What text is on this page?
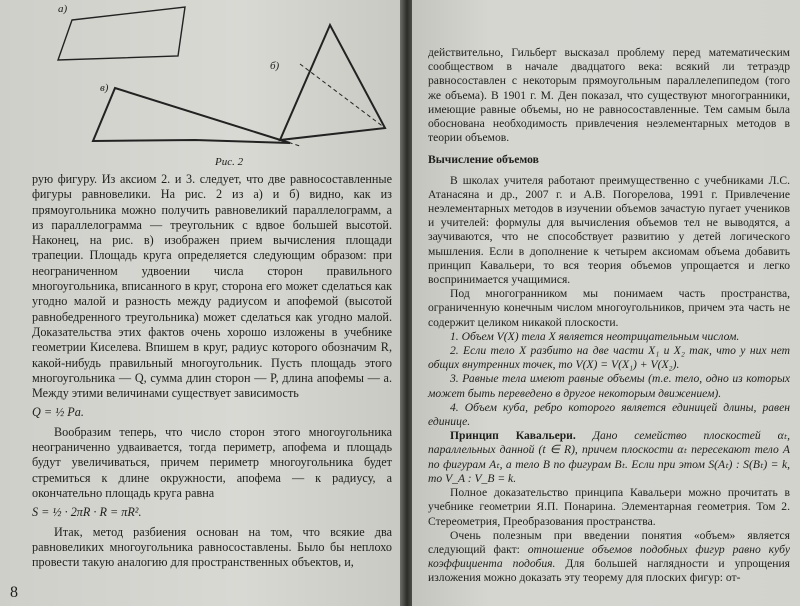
а)
б)
в)
Рис. 2

рую фигуру. Из аксиом 2. и 3. следует, что две равносоставленные фигуры равновелики. На рис. 2 из а) и б) видно, как из прямоугольника можно получить равновеликий параллелограмм, а из параллелограмма — треугольник с вдвое большей высотой. Наконец, на рис. в) изображен прием вычисления площади трапеции. Площадь круга определяется следующим образом: при неограниченном удвоении числа сторон правильного многоугольника, вписанного в круг, сторона его может сделаться как угодно малой и разность между радиусом и апофемой (высотой равнобедренного треугольника) может сделаться как угодно малой. Доказательства этих фактов очень хорошо изложены в учебнике геометрии Киселева. Впишем в круг, радиус которого обозначим R, какой-нибудь правильный многоугольник. Пусть площадь этого многоугольника — Q, сумма длин сторон — P, длина апофемы — a. Между этими величинами существует зависимость

Q = ½ Pa.

Вообразим теперь, что число сторон этого многоугольника неограниченно удваивается, тогда периметр, апофема и площадь будут увеличиваться, причем периметр многоугольника будет стремиться к длине окружности, апофема — к радиусу, а окончательно площадь круга равна

S = ½ · 2πR · R = πR².

Итак, метод разбиения основан на том, что всякие два равновеликих многоугольника равносоставлены. Было бы неплохо провести такую аналогию для пространственных объектов, и,

8

действительно, Гильберт высказал проблему перед математическим сообществом в начале двадцатого века: всякий ли тетраэдр равносоставлен с некоторым прямоугольным параллелепипедом (того же объема). В 1901 г. М. Ден показал, что существуют многогранники, имеющие равные объемы, но не равносоставленные. Тем самым была обоснована необходимость привлечения неэлементарных методов в теории объемов.

Вычисление объемов

В школах учителя работают преимущественно с учебниками Л.С. Атанасяна и др., 2007 г. и А.В. Погорелова, 1991 г. Привлечение неэлементарных методов в изучении объемов зачастую пугает учеников и учителей: формулы для вычисления объемов тел не выводятся, а заучиваются, что не способствует развитию у детей логического мышления. Если в дополнение к четырем аксиомам объема добавить принцип Кавальери, то вся теория объемов упрощается и легко воспринимается учащимися.

Под многогранником мы понимаем часть пространства, ограниченную конечным числом многоугольников, причем эта часть не содержит целиком никакой плоскости.

1. Объем V(X) тела X является неотрицательным числом.

2. Если тело X разбито на две части X₁ и X₂ так, что у них нет общих внутренних точек, то V(X) = V(X₁) + V(X₂).

3. Равные тела имеют равные объемы (т.е. тело, одно из которых может быть переведено в другое некоторым движением).

4. Объем куба, ребро которого является единицей длины, равен единице.

Принцип Кавальери. Дано семейство плоскостей αₜ, параллельных данной (t ∈ R), причем плоскости αₜ пересекают тело A по фигурам Aₜ, а тело B по фигурам Bₜ. Если при этом S(Aₜ) : S(Bₜ) = k, то V_A : V_B = k.

Полное доказательство принципа Кавальери можно прочитать в учебнике геометрии Я.П. Понарина. Элементарная геометрия. Том 2. Стереометрия, Преобразования пространства.

Очень полезным при введении понятия «объем» является следующий факт: отношение объемов подобных фигур равно кубу коэффициента подобия. Для большей наглядности и упрощения изложения можно доказать эту теорему для плоских фигур: от-
